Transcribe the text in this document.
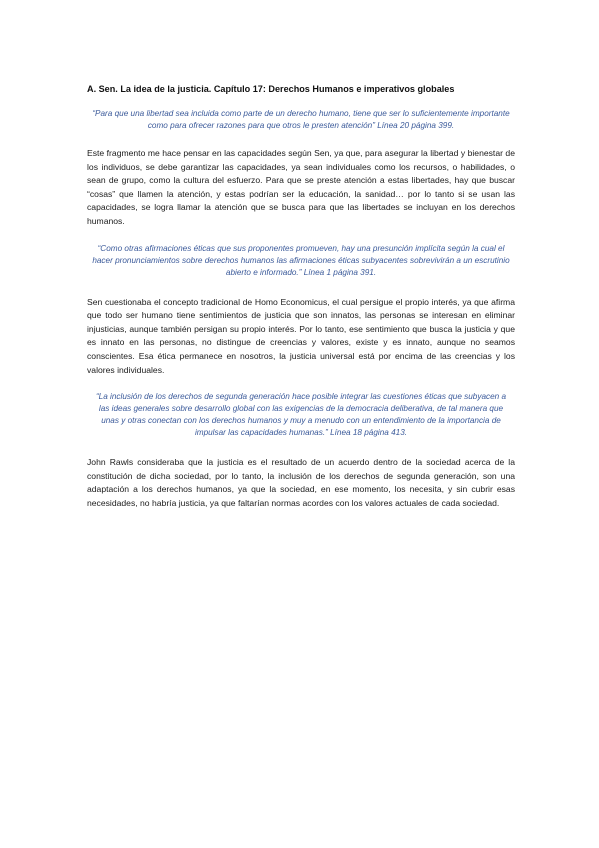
A. Sen. La idea de la justicia. Capítulo 17: Derechos Humanos e imperativos globales

“Para que una libertad sea incluida como parte de un derecho humano, tiene que ser lo suficientemente importante como para ofrecer razones para que otros le presten atención” Línea 20 página 399.

Este fragmento me hace pensar en las capacidades según Sen, ya que, para asegurar la libertad y bienestar de los individuos, se debe garantizar las capacidades, ya sean individuales como los recursos, o habilidades, o sean de grupo, como la cultura del esfuerzo. Para que se preste atención a estas libertades, hay que buscar “cosas” que llamen la atención, y estas podrían ser la educación, la sanidad… por lo tanto si se usan las capacidades, se logra llamar la atención que se busca para que las libertades se incluyan en los derechos humanos.

“Como otras afirmaciones éticas que sus proponentes promueven, hay una presunción implícita según la cual el hacer pronunciamientos sobre derechos humanos las afirmaciones éticas subyacentes sobrevivirán a un escrutinio abierto e informado.” Línea 1 página 391.

Sen cuestionaba el concepto tradicional de Homo Economicus, el cual persigue el propio interés, ya que afirma que todo ser humano tiene sentimientos de justicia que son innatos, las personas se interesan en eliminar injusticias, aunque también persigan su propio interés. Por lo tanto, ese sentimiento que busca la justicia y que es innato en las personas, no distingue de creencias y valores, existe y es innato, aunque no seamos conscientes. Esa ética permanece en nosotros, la justicia universal está por encima de las creencias y los valores individuales.

“La inclusión de los derechos de segunda generación hace posible integrar las cuestiones éticas que subyacen a las ideas generales sobre desarrollo global con las exigencias de la democracia deliberativa, de tal manera que unas y otras conectan con los derechos humanos y muy a menudo con un entendimiento de la importancia de impulsar las capacidades humanas.” Línea 18 página 413.

John Rawls consideraba que la justicia es el resultado de un acuerdo dentro de la sociedad acerca de la constitución de dicha sociedad, por lo tanto, la inclusión de los derechos de segunda generación, son una adaptación a los derechos humanos, ya que la sociedad, en ese momento, los necesita, y sin cubrir esas necesidades, no habría justicia, ya que faltarían normas acordes con los valores actuales de cada sociedad.
